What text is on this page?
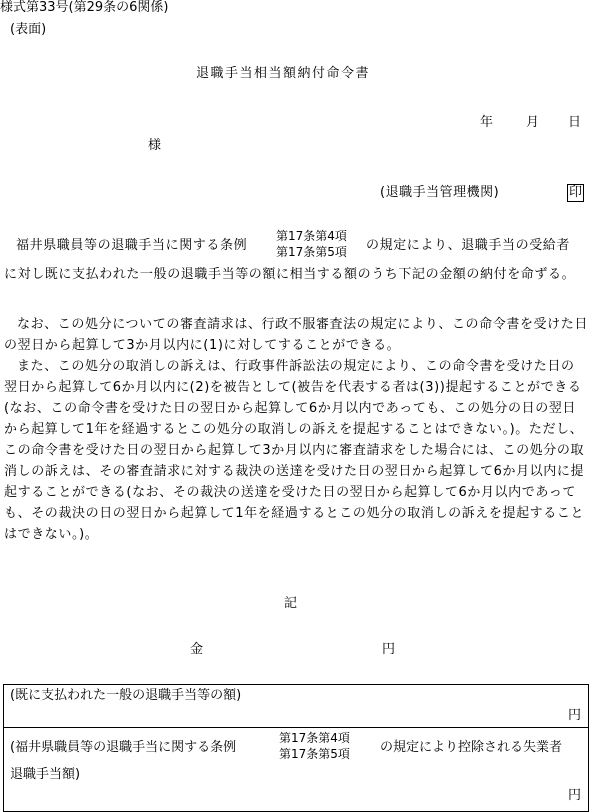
様式第33号(第29条の6関係)
(表面)
退職手当相当額納付命令書
年	月 日
様
(退職手当管理機関)	印
福井県職員等の退職手当に関する条例
第17条第4項
第17条第5項 の規定により、退職手当の受給者
に対し既に支払われた一般の退職手当等の額に相当する額のうち下記の金額の納付を命ずる。
なお、この処分についての審査請求は、行政不服審査法の規定により、この命令書を受けた日の翌日から起算して3か月以内に(1)に対してすることができる。
また、この処分の取消しの訴えは、行政事件訴訟法の規定により、この命令書を受けた日の翌日から起算して6か月以内に(2)を被告として(被告を代表する者は(3))提起することができる(なお、この命令書を受けた日の翌日から起算して6か月以内であっても、この処分の日の翌日から起算して1年を経過するとこの処分の取消しの訴えを提起することはできない。)。ただし、この命令書を受けた日の翌日から起算して3か月以内に審査請求をした場合には、この処分の取消しの訴えは、その審査請求に対する裁決の送達を受けた日の翌日から起算して6か月以内に提起することができる(なお、その裁決の送達を受けた日の翌日から起算して6か月以内であっても、その裁決の日の翌日から起算して1年を経過するとこの処分の取消しの訴えを提起することはできない。)。
記
金	円
(既に支払われた一般の退職手当等の額)
円
(福井県職員等の退職手当に関する条例
第17条第4項
第17条第5項 の規定により控除される失業者
退職手当額)
円
